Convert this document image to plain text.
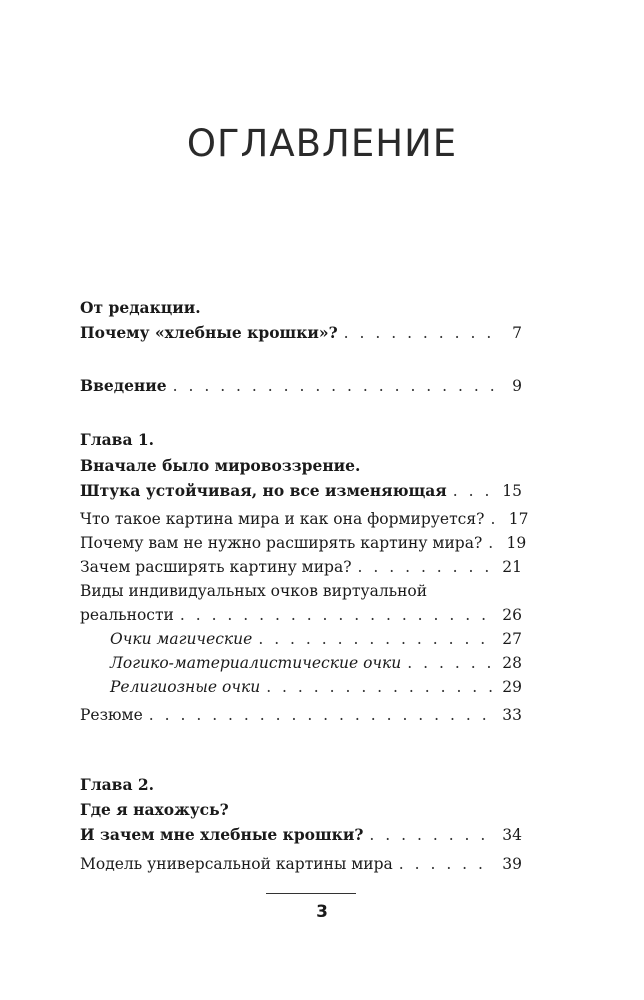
ОГЛАВЛЕНИЕ
От редакции.
Почему «хлебные крошки»? . . .	7
Введение . . .	9
Глава 1.
Вначале было мировоззрение.
Штука устойчивая, но все изменяющая . . .	15
Что такое картина мира и как она формируется? . . . 17
Почему вам не нужно расширять картину мира? . . . 19
Зачем расширять картину мира? . . .	21
Виды индивидуальных очков виртуальной
реальности . . .	26
Очки магические . . .	27
Логико-материалистические очки . . .	28
Религиозные очки . . .	29
Резюме . . .	33
Глава 2.
Где я нахожусь?
И зачем мне хлебные крошки? . . .	34
Модель универсальной картины мира . . .	39
3
